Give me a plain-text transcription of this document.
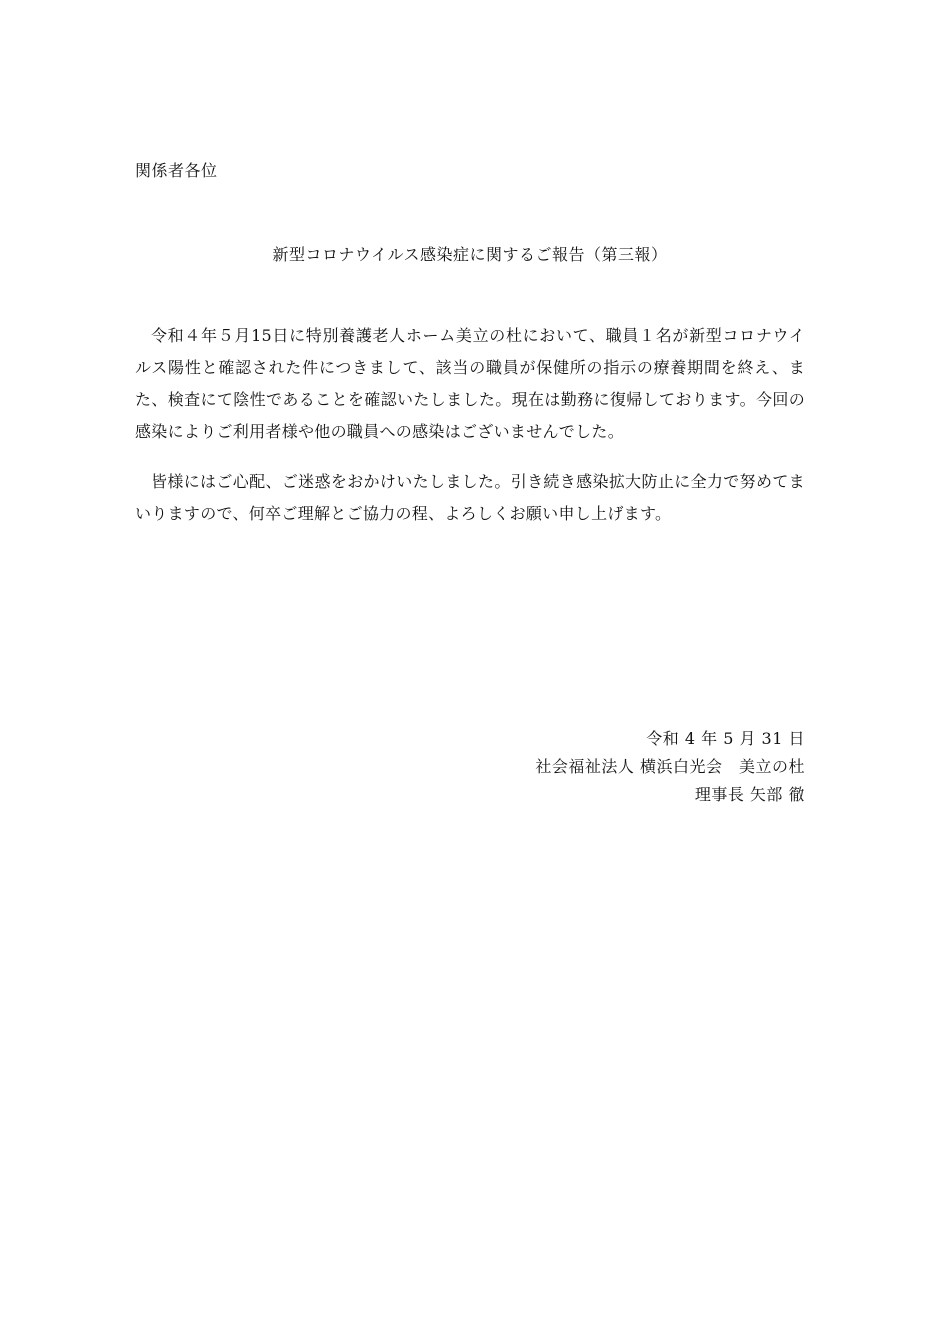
関係者各位
新型コロナウイルス感染症に関するご報告（第三報）

令和４年５月15日に特別養護老人ホーム美立の杜において、職員１名が新型コロナウイルス陽性と確認された件につきまして、該当の職員が保健所の指示の療養期間を終え、また、検査にて陰性であることを確認いたしました。現在は勤務に復帰しております。今回の感染によりご利用者様や他の職員への感染はございませんでした。

皆様にはご心配、ご迷惑をおかけいたしました。引き続き感染拡大防止に全力で努めてまいりますので、何卒ご理解とご協力の程、よろしくお願い申し上げます。

令和 4 年 5 月 31 日
社会福祉法人 横浜白光会　美立の杜
理事長 矢部 徹
